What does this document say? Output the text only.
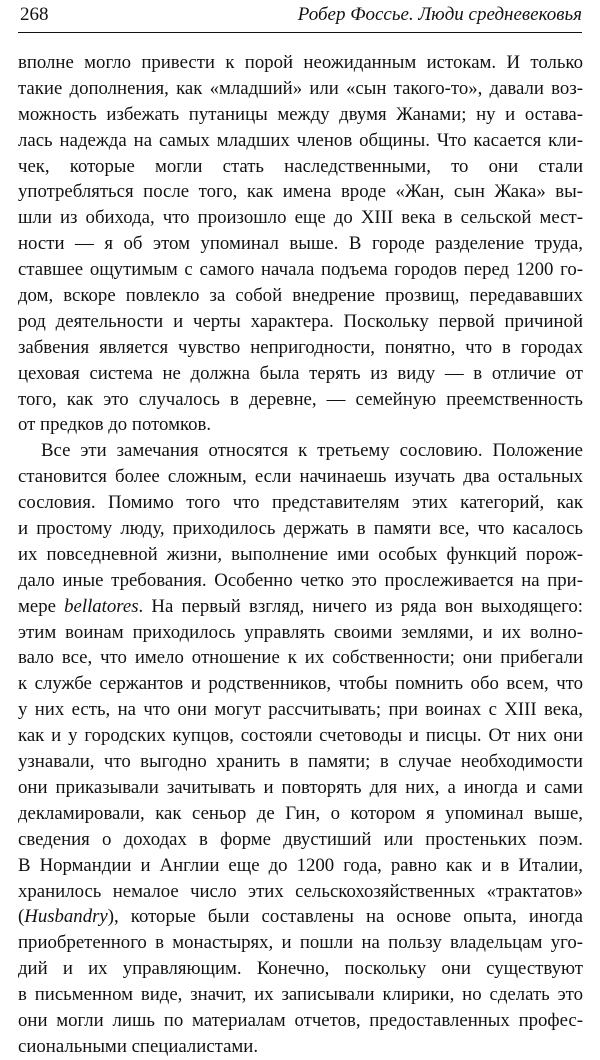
268	Робер Фоссье. Люди средневековья
вполне могло привести к порой неожиданным истокам. И только
такие дополнения, как «младший» или «сын такого-то», давали воз-
можность избежать путаницы между двумя Жанами; ну и остава-
лась надежда на самых младших членов общины. Что касается кли-
чек, которые могли стать наследственными, то они стали
употребляться после того, как имена вроде «Жан, сын Жака» вы-
шли из обихода, что произошло еще до XIII века в сельской мест-
ности — я об этом упоминал выше. В городе разделение труда,
ставшее ощутимым с самого начала подъема городов перед 1200 го-
дом, вскоре повлекло за собой внедрение прозвищ, передававших
род деятельности и черты характера. Поскольку первой причиной
забвения является чувство непригодности, понятно, что в городах
цеховая система не должна была терять из виду — в отличие от
того, как это случалось в деревне, — семейную преемственность
от предков до потомков.
Все эти замечания относятся к третьему сословию. Положение
становится более сложным, если начинаешь изучать два остальных
сословия. Помимо того что представителям этих категорий, как
и простому люду, приходилось держать в памяти все, что касалось
их повседневной жизни, выполнение ими особых функций порож-
дало иные требования. Особенно четко это прослеживается на при-
мере bellatores. На первый взгляд, ничего из ряда вон выходящего:
этим воинам приходилось управлять своими землями, и их волно-
вало все, что имело отношение к их собственности; они прибегали
к службе сержантов и родственников, чтобы помнить обо всем, что
у них есть, на что они могут рассчитывать; при воинах с XIII века,
как и у городских купцов, состояли счетоводы и писцы. От них они
узнавали, что выгодно хранить в памяти; в случае необходимости
они приказывали зачитывать и повторять для них, а иногда и сами
декламировали, как сеньор де Гин, о котором я упоминал выше,
сведения о доходах в форме двустиший или простеньких поэм.
В Нормандии и Англии еще до 1200 года, равно как и в Италии,
хранилось немалое число этих сельскохозяйственных «трактатов»
(Husbandry), которые были составлены на основе опыта, иногда
приобретенного в монастырях, и пошли на пользу владельцам уго-
дий и их управляющим. Конечно, поскольку они существуют
в письменном виде, значит, их записывали клирики, но сделать это
они могли лишь по материалам отчетов, предоставленных профес-
сиональными специалистами.
